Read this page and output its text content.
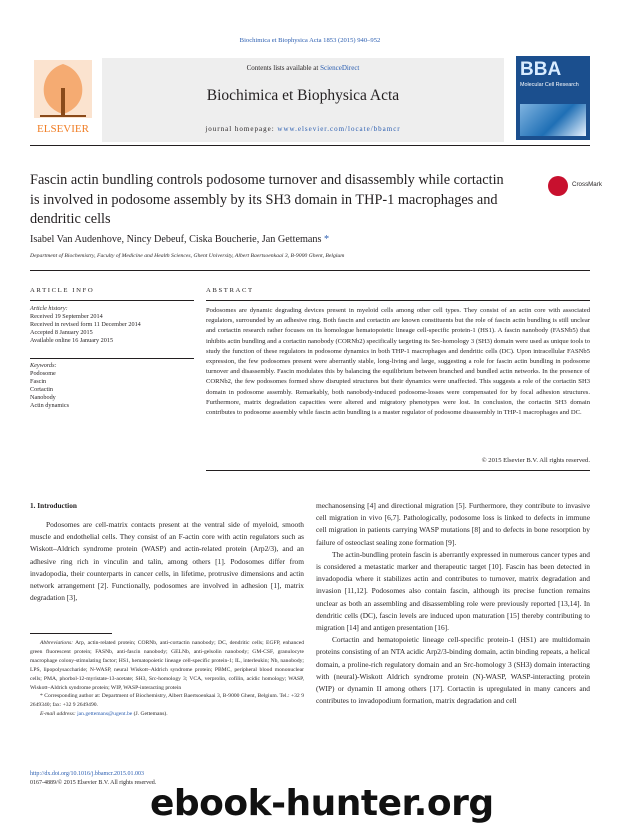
Biochimica et Biophysica Acta 1853 (2015) 940–952
ELSEVIER
Contents lists available at ScienceDirect
Biochimica et Biophysica Acta
journal homepage: www.elsevier.com/locate/bbamcr
BBA
Molecular Cell Research
Fascin actin bundling controls podosome turnover and disassembly while cortactin is involved in podosome assembly by its SH3 domain in THP-1 macrophages and dendritic cells
CrossMark
Isabel Van Audenhove, Nincy Debeuf, Ciska Boucherie, Jan Gettemans *
Department of Biochemistry, Faculty of Medicine and Health Sciences, Ghent University, Albert Baertsoenkaai 3, B-9000 Ghent, Belgium
ARTICLE INFO	ABSTRACT
Article history:
Received 19 September 2014
Received in revised form 11 December 2014
Accepted 8 January 2015
Available online 16 January 2015
Keywords:
Podosome
Fascin
Cortactin
Nanobody
Actin dynamics
Podosomes are dynamic degrading devices present in myeloid cells among other cell types. They consist of an actin core with associated regulators, surrounded by an adhesive ring. Both fascin and cortactin are known constituents but the role of fascin actin bundling is still unclear and cortactin research rather focuses on its homologue hematopoietic lineage cell-specific protein-1 (HS1). A fascin nanobody (FASNb5) that inhibits actin bundling and a cortactin nanobody (CORNb2) specifically targeting its Src-homology 3 (SH3) domain were used as unique tools to study the function of these regulators in podosome dynamics in both THP-1 macrophages and dendritic cells (DC). Upon intracellular FASNb5 expression, the few podosomes present were aberrantly stable, long-living and large, suggesting a role for fascin actin bundling in podosome turnover and disassembly. Fascin modulates this by balancing the equilibrium between branched and bundled actin networks. In the presence of CORNb2, the few podosomes formed show disrupted structures but their dynamics were unaffected. This suggests a role of the cortactin SH3 domain in podosome assembly. Remarkably, both nanobody-induced podosome-losses were compensated for by focal adhesion structures. Furthermore, matrix degradation capacities were altered and migratory phenotypes were lost. In conclusion, the cortactin SH3 domain contributes to podosome assembly while fascin actin bundling is a master regulator of podosome disassembly in THP-1 macrophages and DC.
© 2015 Elsevier B.V. All rights reserved.
1. Introduction
Podosomes are cell-matrix contacts present at the ventral side of myeloid, smooth muscle and endothelial cells. They consist of an F-actin core with actin regulators such as Wiskott–Aldrich syndrome protein (WASP) and actin-related protein (Arp2/3), and an adhesive ring rich in vinculin and talin, among others [1]. Podosomes differ from invadopodia, their counterparts in cancer cells, in lifetime, protrusive dimensions and actin network arrangement [2]. Functionally, podosomes are involved in adhesion [1], matrix degradation [3],
Abbreviations: Arp, actin-related protein; CORNb, anti-cortactin nanobody; DC, dendritic cells; EGFP, enhanced green fluorescent protein; FASNb, anti-fascin nanobody; GELNb, anti-gelsolin nanobody; GM-CSF, granulocyte macrophage colony-stimulating factor; HS1, hematopoietic lineage cell-specific protein-1; IL, interleukin; Nb, nanobody; LPS, lipopolysaccharide; N-WASP, neural Wiskott–Aldrich syndrome protein; PBMC, peripheral blood mononuclear cells; PMA, phorbol-12-myristate-13-acetate; SH3, Src-homology 3; VCA, verprolin, cofilin, acidic homology; WASP, Wiskott–Aldrich syndrome protein; WIP, WASP-interacting protein
* Corresponding author at: Department of Biochemistry, Albert Baertsoenkaai 3, B-9000 Ghent, Belgium. Tel.: +32 9 2649340; fax: +32 9 2649490.
E-mail address: jan.gettemans@ugent.be (J. Gettemans).
mechanosensing [4] and directional migration [5]. Furthermore, they contribute to invasive cell migration in vivo [6,7]. Pathologically, podosome loss is linked to defects in immune cell migration in patients carrying WASP mutations [8] and to defects in bone resorption by failure of osteoclast sealing zone formation [9].
The actin-bundling protein fascin is aberrantly expressed in numerous cancer types and is considered a metastatic marker and therapeutic target [10]. Fascin has been detected in invadopodia where it stabilizes actin and contributes to turnover, matrix degradation and invasion [11,12]. Podosomes also contain fascin, although its precise function remains unclear as both an assembling and disassembling role were previously reported [13,14]. In dendritic cells (DC), fascin levels are induced upon maturation [15] thereby contributing to migration [14] and antigen presentation [16].
Cortactin and hematopoietic lineage cell-specific protein-1 (HS1) are multidomain proteins consisting of an NTA acidic Arp2/3-binding domain, actin binding repeats, a helical domain, a proline-rich regulatory domain and an Src-homology 3 (SH3) domain interacting with (neural)-Wiskott Aldrich syndrome protein (N)-WASP, WASP-interacting protein (WIP) or dynamin II among others [17]. Cortactin is upregulated in many cancers and contributes to invadopodium formation, matrix degradation and cell
http://dx.doi.org/10.1016/j.bbamcr.2015.01.003
0167-4889/© 2015 Elsevier B.V. All rights reserved.
ebook-hunter.org
